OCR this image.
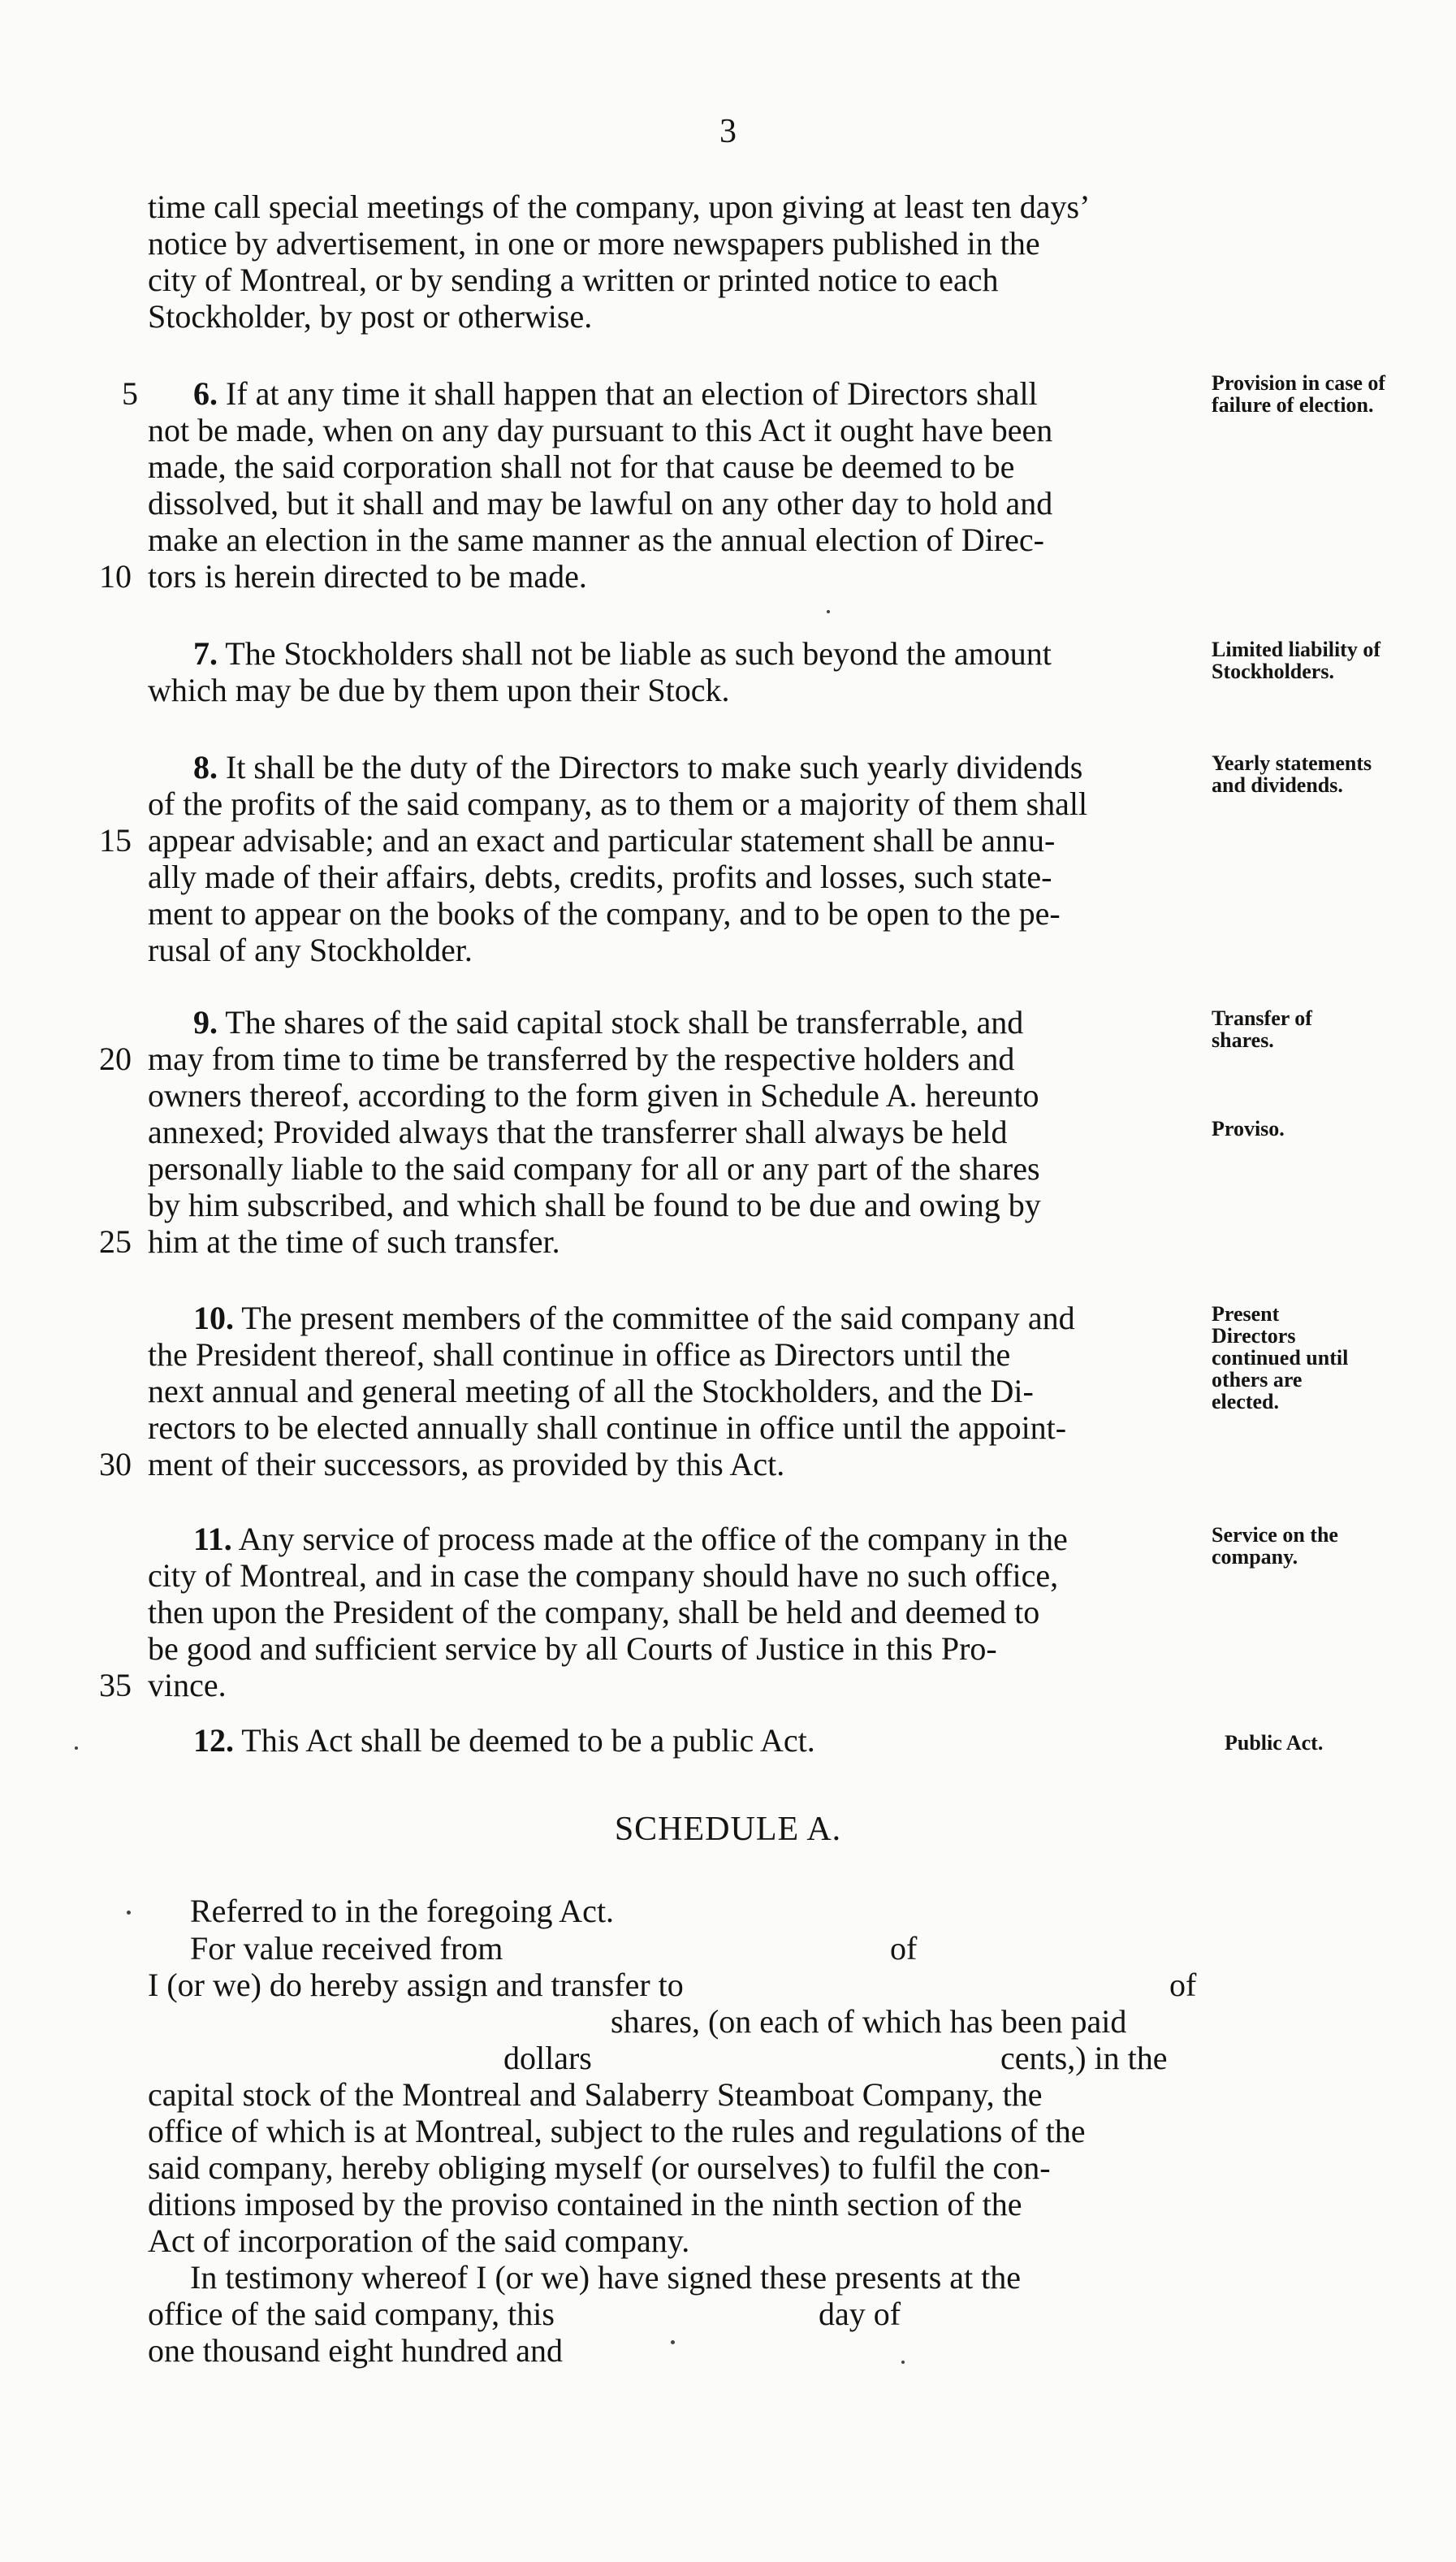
3
time call special meetings of the company, upon giving at least ten days’
notice by advertisement, in one or more newspapers published in the
city of Montreal, or by sending a written or printed notice to each
Stockholder, by post or otherwise.
6. If at any time it shall happen that an election of Directors shall
not be made, when on any day pursuant to this Act it ought have been
made, the said corporation shall not for that cause be deemed to be
dissolved, but it shall and may be lawful on any other day to hold and
make an election in the same manner as the annual election of Direc-
tors is herein directed to be made.
Provision in case of failure of election.
7. The Stockholders shall not be liable as such beyond the amount
which may be due by them upon their Stock.
Limited liability of Stockholders.
8. It shall be the duty of the Directors to make such yearly dividends
of the profits of the said company, as to them or a majority of them shall
appear advisable; and an exact and particular statement shall be annu-
ally made of their affairs, debts, credits, profits and losses, such state-
ment to appear on the books of the company, and to be open to the pe-
rusal of any Stockholder.
Yearly statements and dividends.
9. The shares of the said capital stock shall be transferrable, and
may from time to time be transferred by the respective holders and
owners thereof, according to the form given in Schedule A. hereunto
annexed; Provided always that the transferrer shall always be held
personally liable to the said company for all or any part of the shares
by him subscribed, and which shall be found to be due and owing by
him at the time of such transfer.
Transfer of shares.
Proviso.
10. The present members of the committee of the said company and
the President thereof, shall continue in office as Directors until the
next annual and general meeting of all the Stockholders, and the Di-
rectors to be elected annually shall continue in office until the appoint-
ment of their successors, as provided by this Act.
Present Directors continued until others are elected.
11. Any service of process made at the office of the company in the
city of Montreal, and in case the company should have no such office,
then upon the President of the company, shall be held and deemed to
be good and sufficient service by all Courts of Justice in this Pro-
vince.
Service on the company.
12. This Act shall be deemed to be a public Act.	Public Act.
5
10
15
20
25
30
35
SCHEDULE A.
Referred to in the foregoing Act.
For value received from	of
I (or we) do hereby assign and transfer to	of
shares, (on each of which has been paid
dollars	cents,) in the
capital stock of the Montreal and Salaberry Steamboat Company, the
office of which is at Montreal, subject to the rules and regulations of the
said company, hereby obliging myself (or ourselves) to fulfil the con-
ditions imposed by the proviso contained in the ninth section of the
Act of incorporation of the said company.
In testimony whereof I (or we) have signed these presents at the
office of the said company, this	day of
one thousand eight hundred and
